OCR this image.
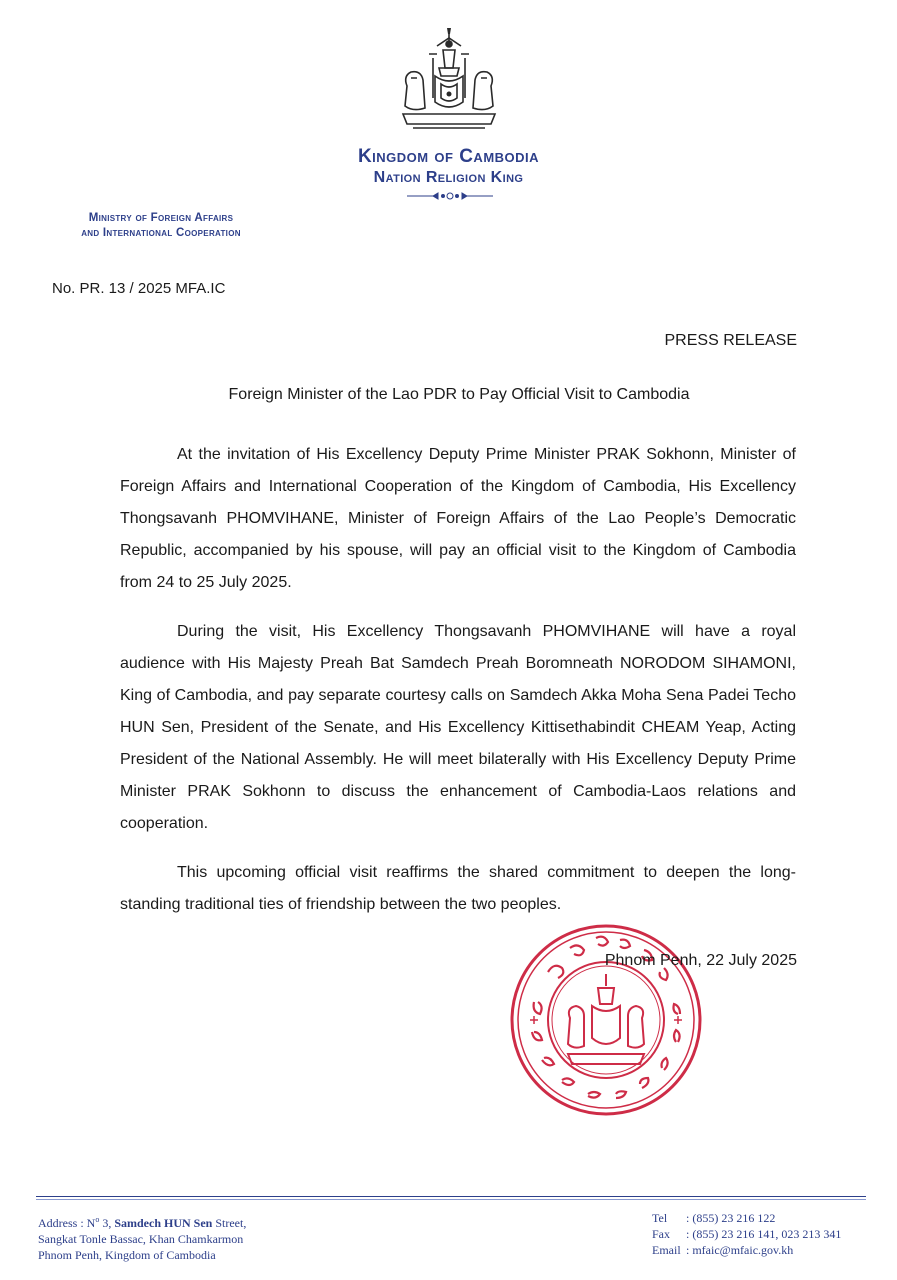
Kingdom of Cambodia
Nation Religion King
Ministry of Foreign Affairs
and International Cooperation
No. PR. 13 / 2025 MFA.IC
PRESS RELEASE
Foreign Minister of the Lao PDR to Pay Official Visit to Cambodia

At the invitation of His Excellency Deputy Prime Minister PRAK Sokhonn, Minister of Foreign Affairs and International Cooperation of the Kingdom of Cambodia, His Excellency Thongsavanh PHOMVIHANE, Minister of Foreign Affairs of the Lao People’s Democratic Republic, accompanied by his spouse, will pay an official visit to the Kingdom of Cambodia from 24 to 25 July 2025.

During the visit, His Excellency Thongsavanh PHOMVIHANE will have a royal audience with His Majesty Preah Bat Samdech Preah Boromneath NORODOM SIHAMONI, King of Cambodia, and pay separate courtesy calls on Samdech Akka Moha Sena Padei Techo HUN Sen, President of the Senate, and His Excellency Kittisethabindit CHEAM Yeap, Acting President of the National Assembly. He will meet bilaterally with His Excellency Deputy Prime Minister PRAK Sokhonn to discuss the enhancement of Cambodia-Laos relations and cooperation.

This upcoming official visit reaffirms the shared commitment to deepen the long-standing traditional ties of friendship between the two peoples.

Phnom Penh, 22 July 2025
Address : $N^o$ 3, Samdech HUN Sen Street,
Sangkat Tonle Bassac, Khan Chamkarmon
Phnom Penh, Kingdom of Cambodia
Tel : (855) 23 216 122
Fax : (855) 23 216 141, 023 213 341
Email : mfaic@mfaic.gov.kh
